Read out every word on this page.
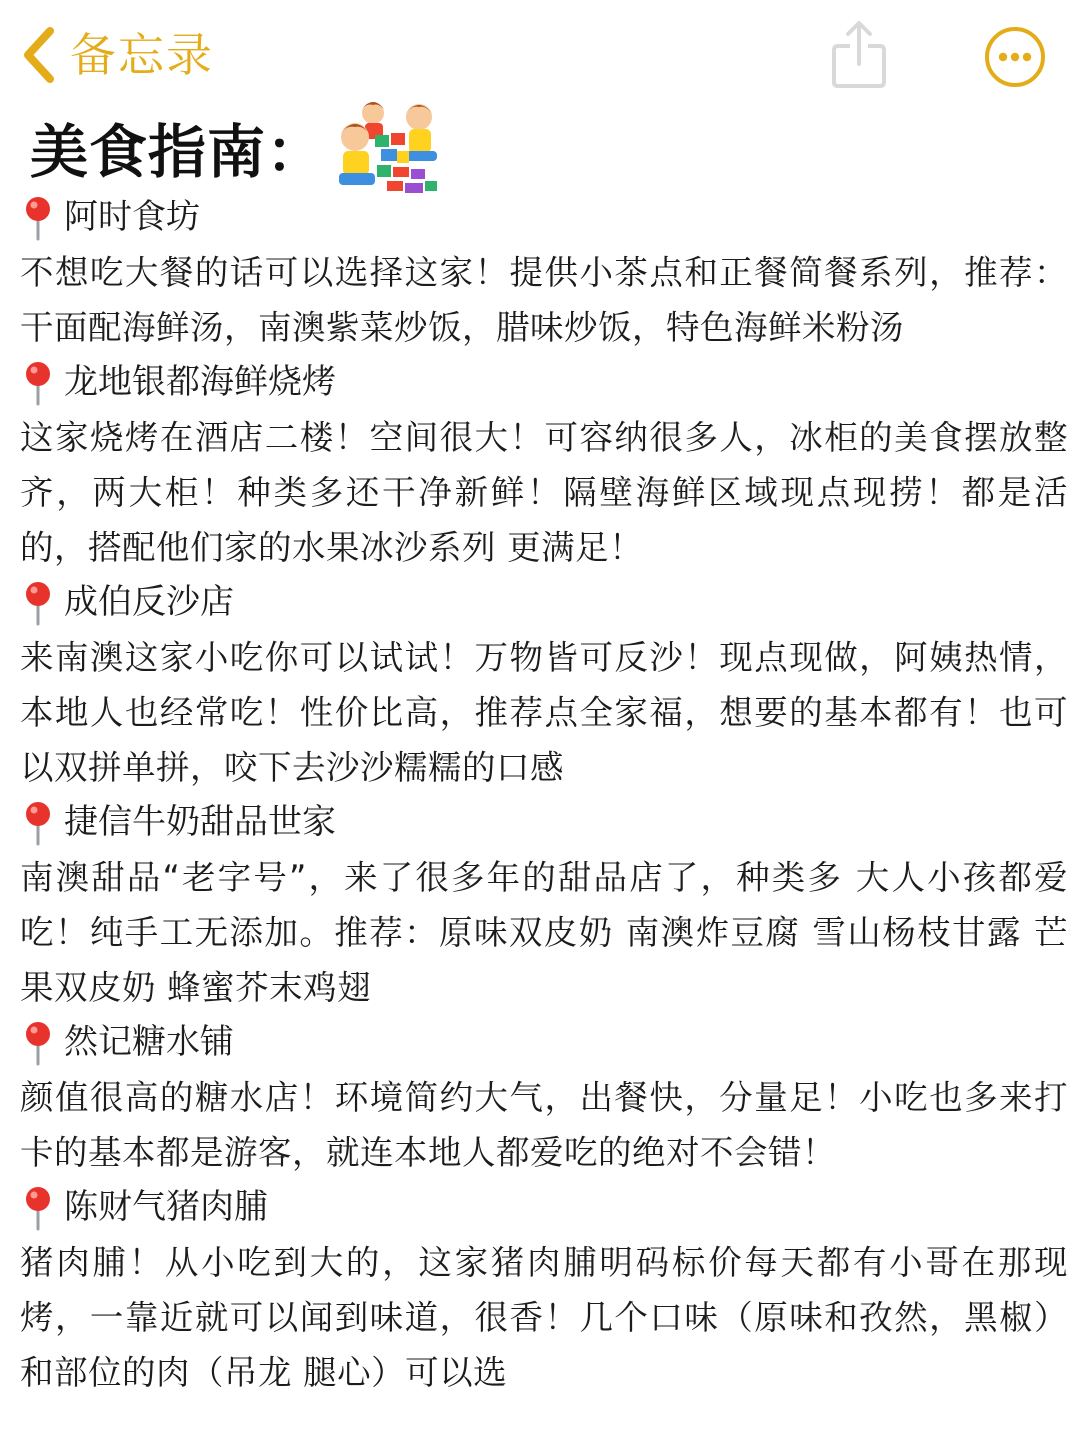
备忘录
美食指南：
阿时食坊

不想吃大餐的话可以选择这家！提供小茶点和正餐简餐系列，推荐：干面配海鲜汤，南澳紫菜炒饭，腊味炒饭，特色海鲜米粉汤

龙地银都海鲜烧烤

这家烧烤在酒店二楼！空间很大！可容纳很多人，冰柜的美食摆放整齐，两大柜！种类多还干净新鲜！隔壁海鲜区域现点现捞！都是活的，搭配他们家的水果冰沙系列 更满足！

成伯反沙店

来南澳这家小吃你可以试试！万物皆可反沙！现点现做，阿姨热情，本地人也经常吃！性价比高，推荐点全家福，想要的基本都有！也可以双拼单拼，咬下去沙沙糯糯的口感

捷信牛奶甜品世家

南澳甜品“老字号”，来了很多年的甜品店了，种类多 大人小孩都爱吃！纯手工无添加。推荐：原味双皮奶 南澳炸豆腐 雪山杨枝甘露 芒果双皮奶 蜂蜜芥末鸡翅

然记糖水铺

颜值很高的糖水店！环境简约大气，出餐快，分量足！小吃也多来打卡的基本都是游客，就连本地人都爱吃的绝对不会错！

陈财气猪肉脯

猪肉脯！从小吃到大的，这家猪肉脯明码标价每天都有小哥在那现烤，一靠近就可以闻到味道，很香！几个口味（原味和孜然，黑椒）和部位的肉（吊龙 腿心）可以选
